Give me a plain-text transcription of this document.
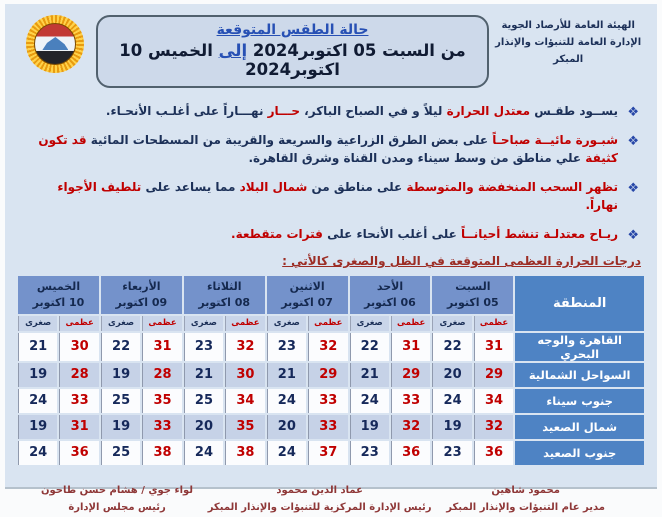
الهيئة العامة للأرصاد الجوية
الإدارة العامة للتنبؤات والإنذار المبكر
حالة الطقس المتوقعة
من السبت 05 اكتوبر2024 إلى الخميس 10 اكتوبر2024
❖
يســود طقـس معتدل الحرارة ليلاً و في الصباح الباكر، حـــار نهـــاراً على أغلـب الأنحـاء.
❖
شبـورة مائيــة صباحـاً على بعض الطرق الزراعية والسريعة والقريبة من المسطحات المائية قد تكون كثيفة علي مناطق من وسط سيناء ومدن القناة وشرق القاهرة.
❖
تظهر السحب المنخفضة والمتوسطة على مناطق من شمال البلاد مما يساعد على تلطيف الأجواء نهاراً.
❖
ريـاح معتدلـة تنشط أحيانــاً على أغلب الأنحاء على فترات متقطعة.
درجات الحرارة العظمى المتوقعة في الظل والصغرى كالأتي :
المنطقة	
السبت
05 اكتوبر

الأحد
06 اكتوبر

الاثنين
07 اكتوبر

الثلاثاء
08 اكتوبر

الأربعاء
09 اكتوبر

الخميس
10 اكتوبر

	عظمى	صغرى	عظمى	صغرى	عظمى	صغرى	عظمى	صغرى	عظمى	صغرى	عظمى	صغرى
القاهرة والوجه البحري	31	22	31	22	32	23	32	23	31	22	30	21
السواحل الشمالية	29	20	29	21	29	21	30	21	28	19	28	19
جنوب سيناء	34	24	33	24	33	24	34	25	35	25	33	24
شمال الصعيد	32	19	32	19	33	20	35	20	33	19	31	19
جنوب الصعيد	36	23	36	23	37	24	38	24	38	25	36	24
محمود شاهين
مدير عام التنبؤات والإنذار المبكر
عماد الدين محمود
رئيس الإدارة المركزية للتنبؤات والإنذار المبكر
لواء جوي / هشام حسن طاحون
رئيس مجلس الإدارة
